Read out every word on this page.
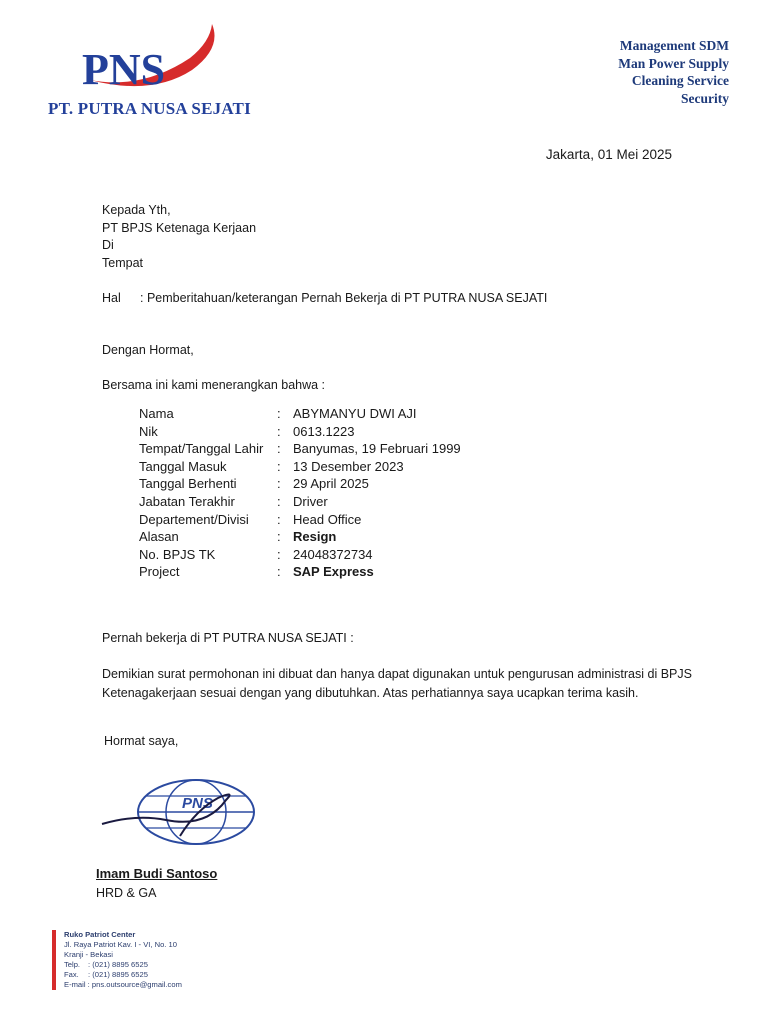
PNS
PT. PUTRA NUSA SEJATI
Management SDM
Man Power Supply
Cleaning Service
Security
Jakarta, 01 Mei 2025
Kepada Yth,
PT BPJS Ketenaga Kerjaan
Di
Tempat
Hal : Pemberitahuan/keterangan Pernah Bekerja di PT PUTRA NUSA SEJATI
Dengan Hormat,
Bersama ini kami menerangkan bahwa :
Nama	: ABYMANYU DWI AJI
Nik	: 0613.1223
Tempat/Tanggal Lahir	: Banyumas, 19 Februari 1999
Tanggal Masuk	: 13 Desember 2023
Tanggal Berhenti	: 29 April 2025
Jabatan Terakhir	: Driver
Departement/Divisi	: Head Office
Alasan	: Resign
No. BPJS TK	: 24048372734
Project	: SAP Express
Pernah bekerja di PT PUTRA NUSA SEJATI :
Demikian surat permohonan ini dibuat dan hanya dapat digunakan untuk pengurusan administrasi di BPJS Ketenagakerjaan sesuai dengan yang dibutuhkan. Atas perhatiannya saya ucapkan terima kasih.
Hormat saya,
PNS
Imam Budi Santoso
HRD & GA
Ruko Patriot Center
Jl. Raya Patriot Kav. I - VI, No. 10
Kranji - Bekasi
Telp. : (021) 8895 6525
Fax. : (021) 8895 6525
E-mail : pns.outsource@gmail.com
